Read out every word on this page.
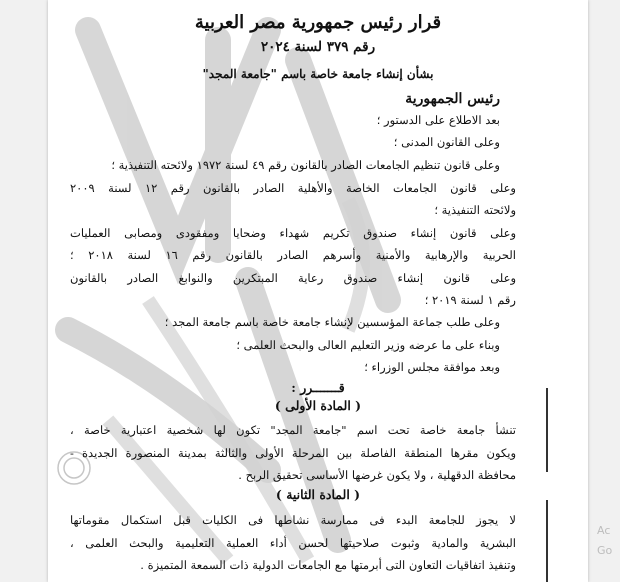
قرار رئيس جمهورية مصر العربية
رقم ٣٧٩ لسنة ٢٠٢٤
بشأن إنشاء جامعة خاصة باسم "جامعة المجد"
رئيس الجمهورية
بعد الاطلاع على الدستور ؛
وعلى القانون المدنى ؛
وعلى قانون تنظيم الجامعات الصادر بالقانون رقم ٤٩ لسنة ١٩٧٢ ولائحته التنفيذية ؛
وعلى قانون الجامعات الخاصة والأهلية الصادر بالقانون رقم ١٢ لسنة ٢٠٠٩
ولائحته التنفيذية ؛
وعلى قانون إنشاء صندوق تكريم شهداء وضحايا ومفقودى ومصابى العمليات
الحربية والإرهابية والأمنية وأسرهم الصادر بالقانون رقم ١٦ لسنة ٢٠١٨ ؛
وعلى قانون إنشاء صندوق رعاية المبتكرين والنوابغ الصادر بالقانون
رقم ١ لسنة ٢٠١٩ ؛
وعلى طلب جماعة المؤسسين لإنشاء جامعة خاصة باسم جامعة المجد ؛
وبناء على ما عرضه وزير التعليم العالى والبحث العلمى ؛
وبعد موافقة مجلس الوزراء ؛
قـــــــرر :
( المادة الأولى )
تنشأ جامعة خاصة تحت اسم "جامعة المجد" تكون لها شخصية اعتبارية خاصة ،
ويكون مقرها المنطقة الفاصلة بين المرحلة الأولى والثالثة بمدينة المنصورة الجديدة -
محافظة الدقهلية ، ولا يكون غرضها الأساسى تحقيق الربح .
( المادة الثانية )
لا يجوز للجامعة البدء فى ممارسة نشاطها فى الكليات قبل استكمال مقوماتها
البشرية والمادية وثبوت صلاحيتها لحسن أداء العملية التعليمية والبحث العلمى ،
وتنفيذ اتفاقيات التعاون التى أبرمتها مع الجامعات الدولية ذات السمعة المتميزة .
Ac
Go
